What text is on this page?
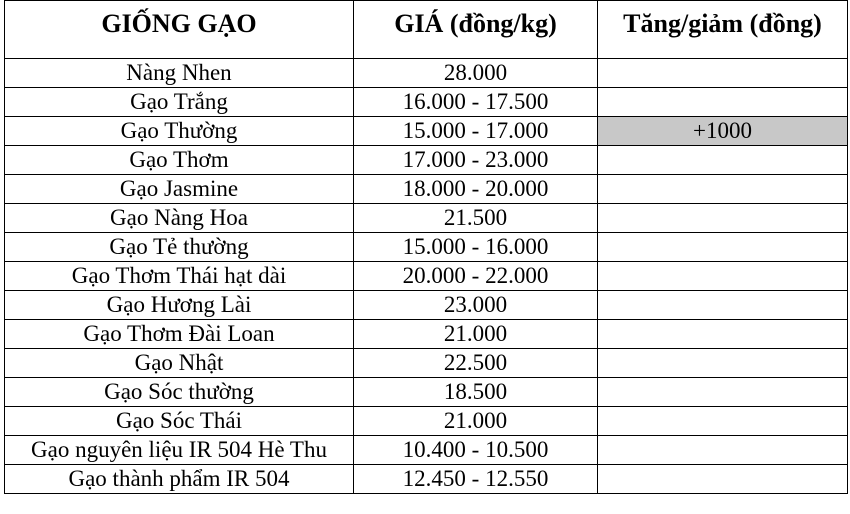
GIỐNG GẠO	GIÁ (đồng/kg)	Tăng/giảm (đồng)
Nàng Nhen	28.000	
Gạo Trắng	16.000 - 17.500	
Gạo Thường	15.000 - 17.000	+1000
Gạo Thơm	17.000 - 23.000	
Gạo Jasmine	18.000 - 20.000	
Gạo Nàng Hoa	21.500	
Gạo Tẻ thường	15.000 - 16.000	
Gạo Thơm Thái hạt dài	20.000 - 22.000	
Gạo Hương Lài	23.000	
Gạo Thơm Đài Loan	21.000	
Gạo Nhật	22.500	
Gạo Sóc thường	18.500	
Gạo Sóc Thái	21.000	
Gạo nguyên liệu IR 504 Hè Thu	10.400 - 10.500	
Gạo thành phẩm IR 504	12.450 - 12.550	
